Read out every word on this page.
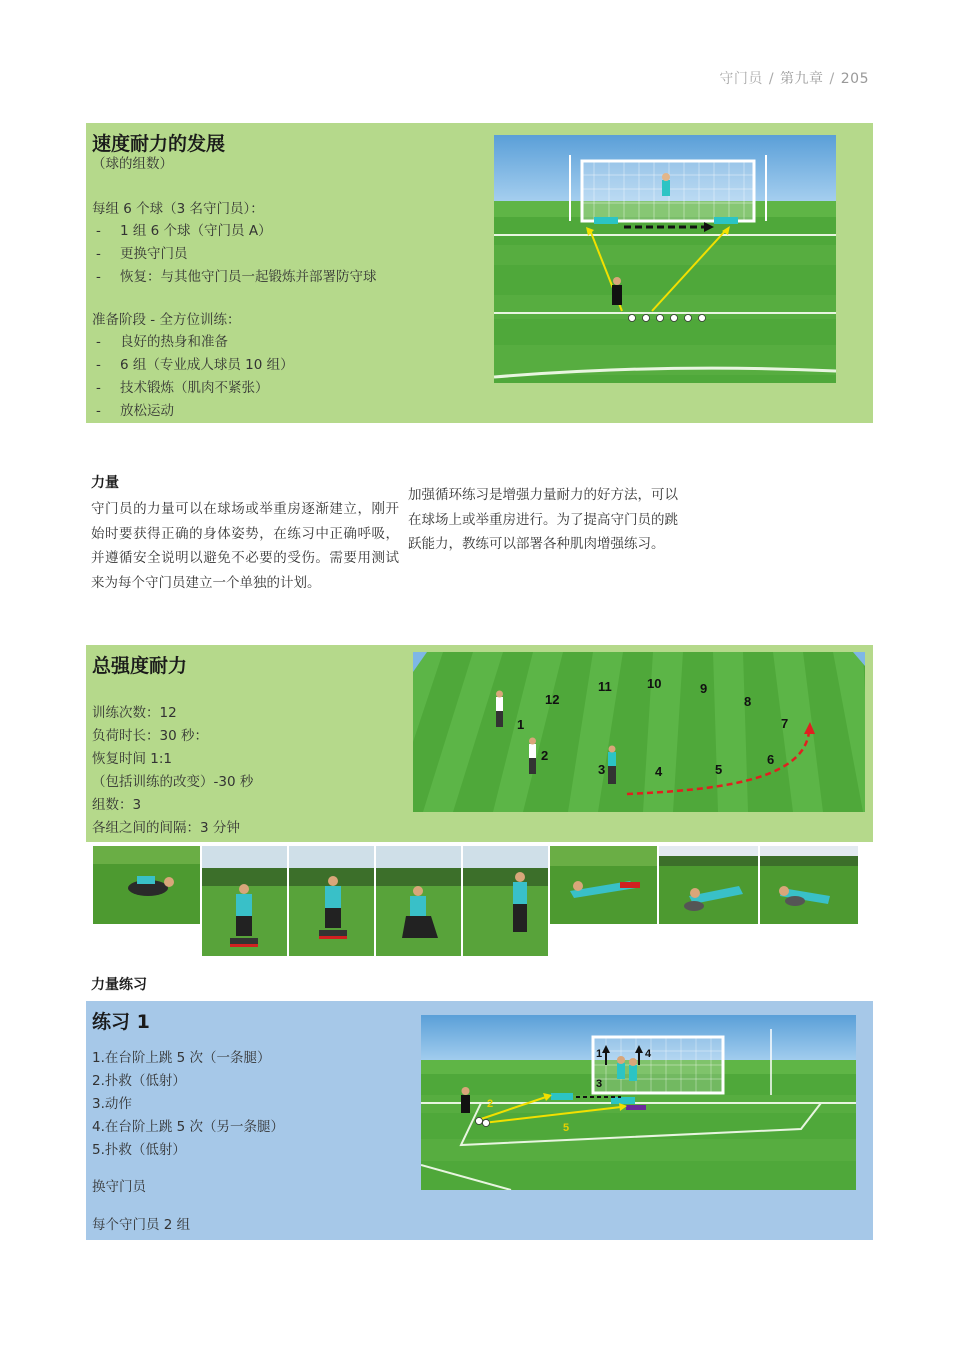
守门员 / 第九章 / 205
速度耐力的发展
（球的组数）
每组 6 个球（3 名守门员）：
- 1 组 6 个球（守门员 A）
- 更换守门员
- 恢复：与其他守门员一起锻炼并部署防守球
准备阶段 - 全方位训练：
- 良好的热身和准备
- 6 组（专业成人球员 10 组）
- 技术锻炼（肌肉不紧张）
- 放松运动
力量
守门员的力量可以在球场或举重房逐渐建立，刚开始时要获得正确的身体姿势，在练习中正确呼吸，并遵循安全说明以避免不必要的受伤。需要用测试来为每个守门员建立一个单独的计划。
加强循环练习是增强力量耐力的好方法，可以在球场上或举重房进行。为了提高守门员的跳跃能力，教练可以部署各种肌肉增强练习。
总强度耐力
训练次数：12
负荷时长：30 秒：
恢复时间 1:1
（包括训练的改变）-30 秒
组数：3
各组之间的间隔：3 分钟
1
2
3	4	5
6
7
8
9
10
11
12
力量练习
练习 1
1.在台阶上跳 5 次（一条腿）
2.扑救（低射）
3.动作
4.在台阶上跳 5 次（另一条腿）
5.扑救（低射）
换守门员
每个守门员 2 组
1
2
3
4
5
